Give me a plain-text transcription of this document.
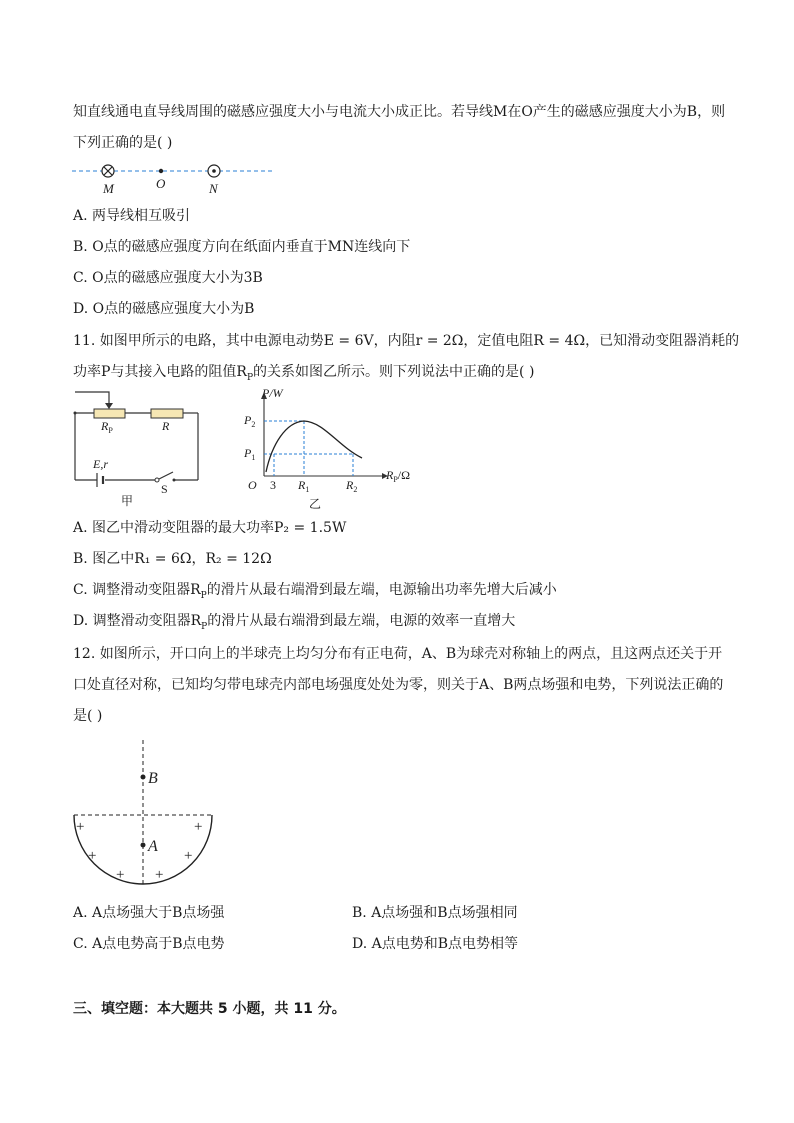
知直线通电直导线周围的磁感应强度大小与电流大小成正比。若导线M在O产生的磁感应强度大小为B，则
下列正确的是( )
M	O	N
A. 两导线相互吸引
B. O点的磁感应强度方向在纸面内垂直于MN连线向下
C. O点的磁感应强度大小为3B
D. O点的磁感应强度大小为B
11. 如图甲所示的电路，其中电源电动势E = 6V，内阻r = 2Ω，定值电阻R = 4Ω，已知滑动变阻器消耗的
功率P与其接入电路的阻值$R_P$的关系如图乙所示。则下列说法中正确的是( )
$R_P$	R
E,r
S
甲
P/W
$P_2$
$P_1$
O 3 $R_1$	$R_2$
$R_P/\Omega$
乙
A. 图乙中滑动变阻器的最大功率P₂ = 1.5W
B. 图乙中R₁ = 6Ω，R₂ = 12Ω
C. 调整滑动变阻器$R_P$的滑片从最右端滑到最左端，电源输出功率先增大后减小
D. 调整滑动变阻器$R_P$的滑片从最右端滑到最左端，电源的效率一直增大
12. 如图所示，开口向上的半球壳上均匀分布有正电荷，A、B为球壳对称轴上的两点，且这两点还关于开
口处直径对称，已知均匀带电球壳内部电场强度处处为零，则关于A、B两点场强和电势，下列说法正确的
是( )
B
A
+	+
+	+
+ +
A. A点场强大于B点场强	B. A点场强和B点场强相同
C. A点电势高于B点电势	D. A点电势和B点电势相等
三、填空题：本大题共 5 小题，共 11 分。
